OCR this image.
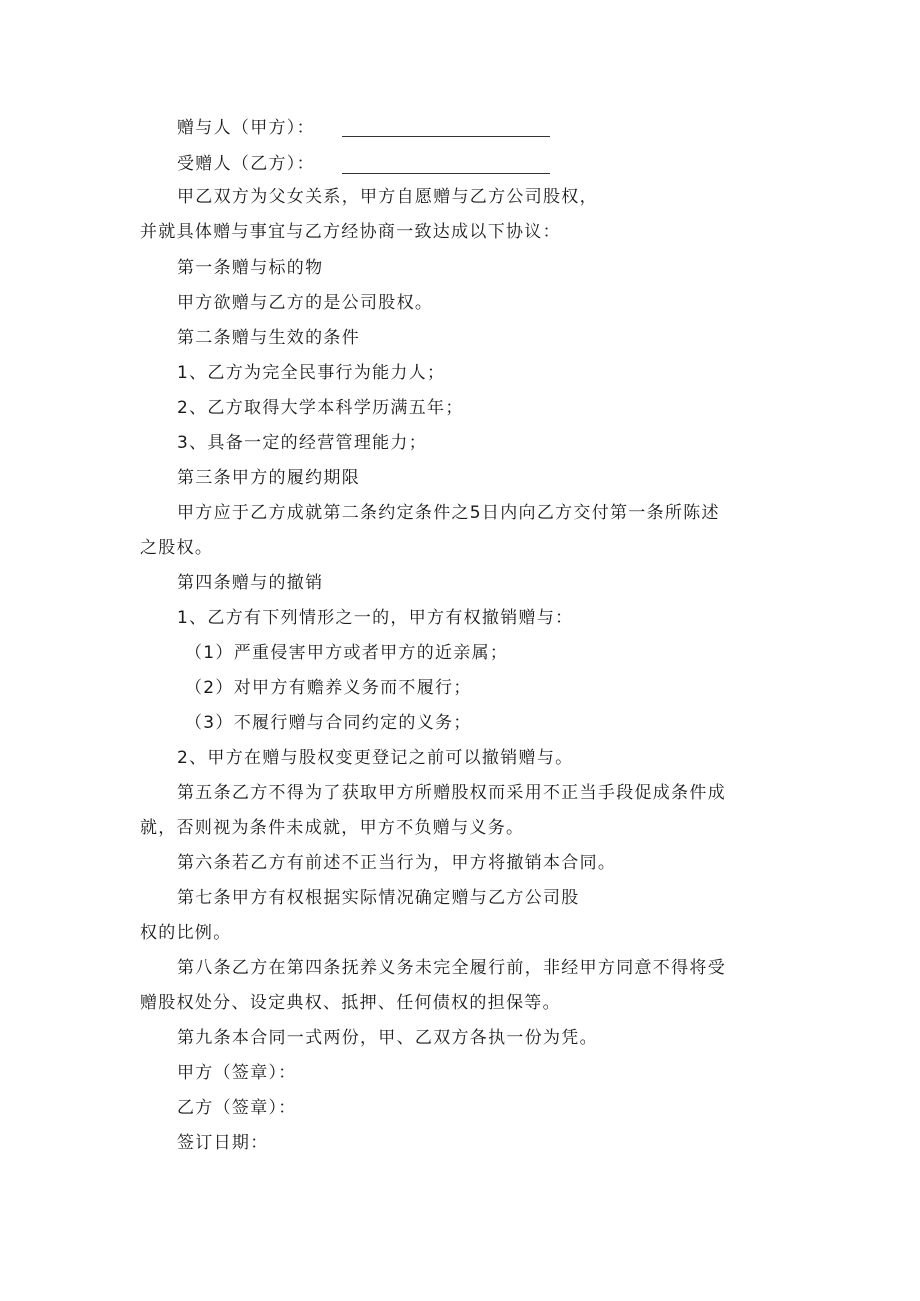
赠与人（甲方）：
受赠人（乙方）：
甲乙双方为父女关系，甲方自愿赠与乙方公司股权，
并就具体赠与事宜与乙方经协商一致达成以下协议：
第一条赠与标的物
甲方欲赠与乙方的是公司股权。
第二条赠与生效的条件
1、乙方为完全民事行为能力人；
2、乙方取得大学本科学历满五年；
3、具备一定的经营管理能力；
第三条甲方的履约期限
甲方应于乙方成就第二条约定条件之5日内向乙方交付第一条所陈述
之股权。
第四条赠与的撤销
1、乙方有下列情形之一的，甲方有权撤销赠与：
（1）严重侵害甲方或者甲方的近亲属；
（2）对甲方有赡养义务而不履行；
（3）不履行赠与合同约定的义务；
2、甲方在赠与股权变更登记之前可以撤销赠与。
第五条乙方不得为了获取甲方所赠股权而采用不正当手段促成条件成
就，否则视为条件未成就，甲方不负赠与义务。
第六条若乙方有前述不正当行为，甲方将撤销本合同。
第七条甲方有权根据实际情况确定赠与乙方公司股
权的比例。
第八条乙方在第四条抚养义务未完全履行前，非经甲方同意不得将受
赠股权处分、设定典权、抵押、任何债权的担保等。
第九条本合同一式两份，甲、乙双方各执一份为凭。
甲方（签章）：
乙方（签章）：
签订日期：
